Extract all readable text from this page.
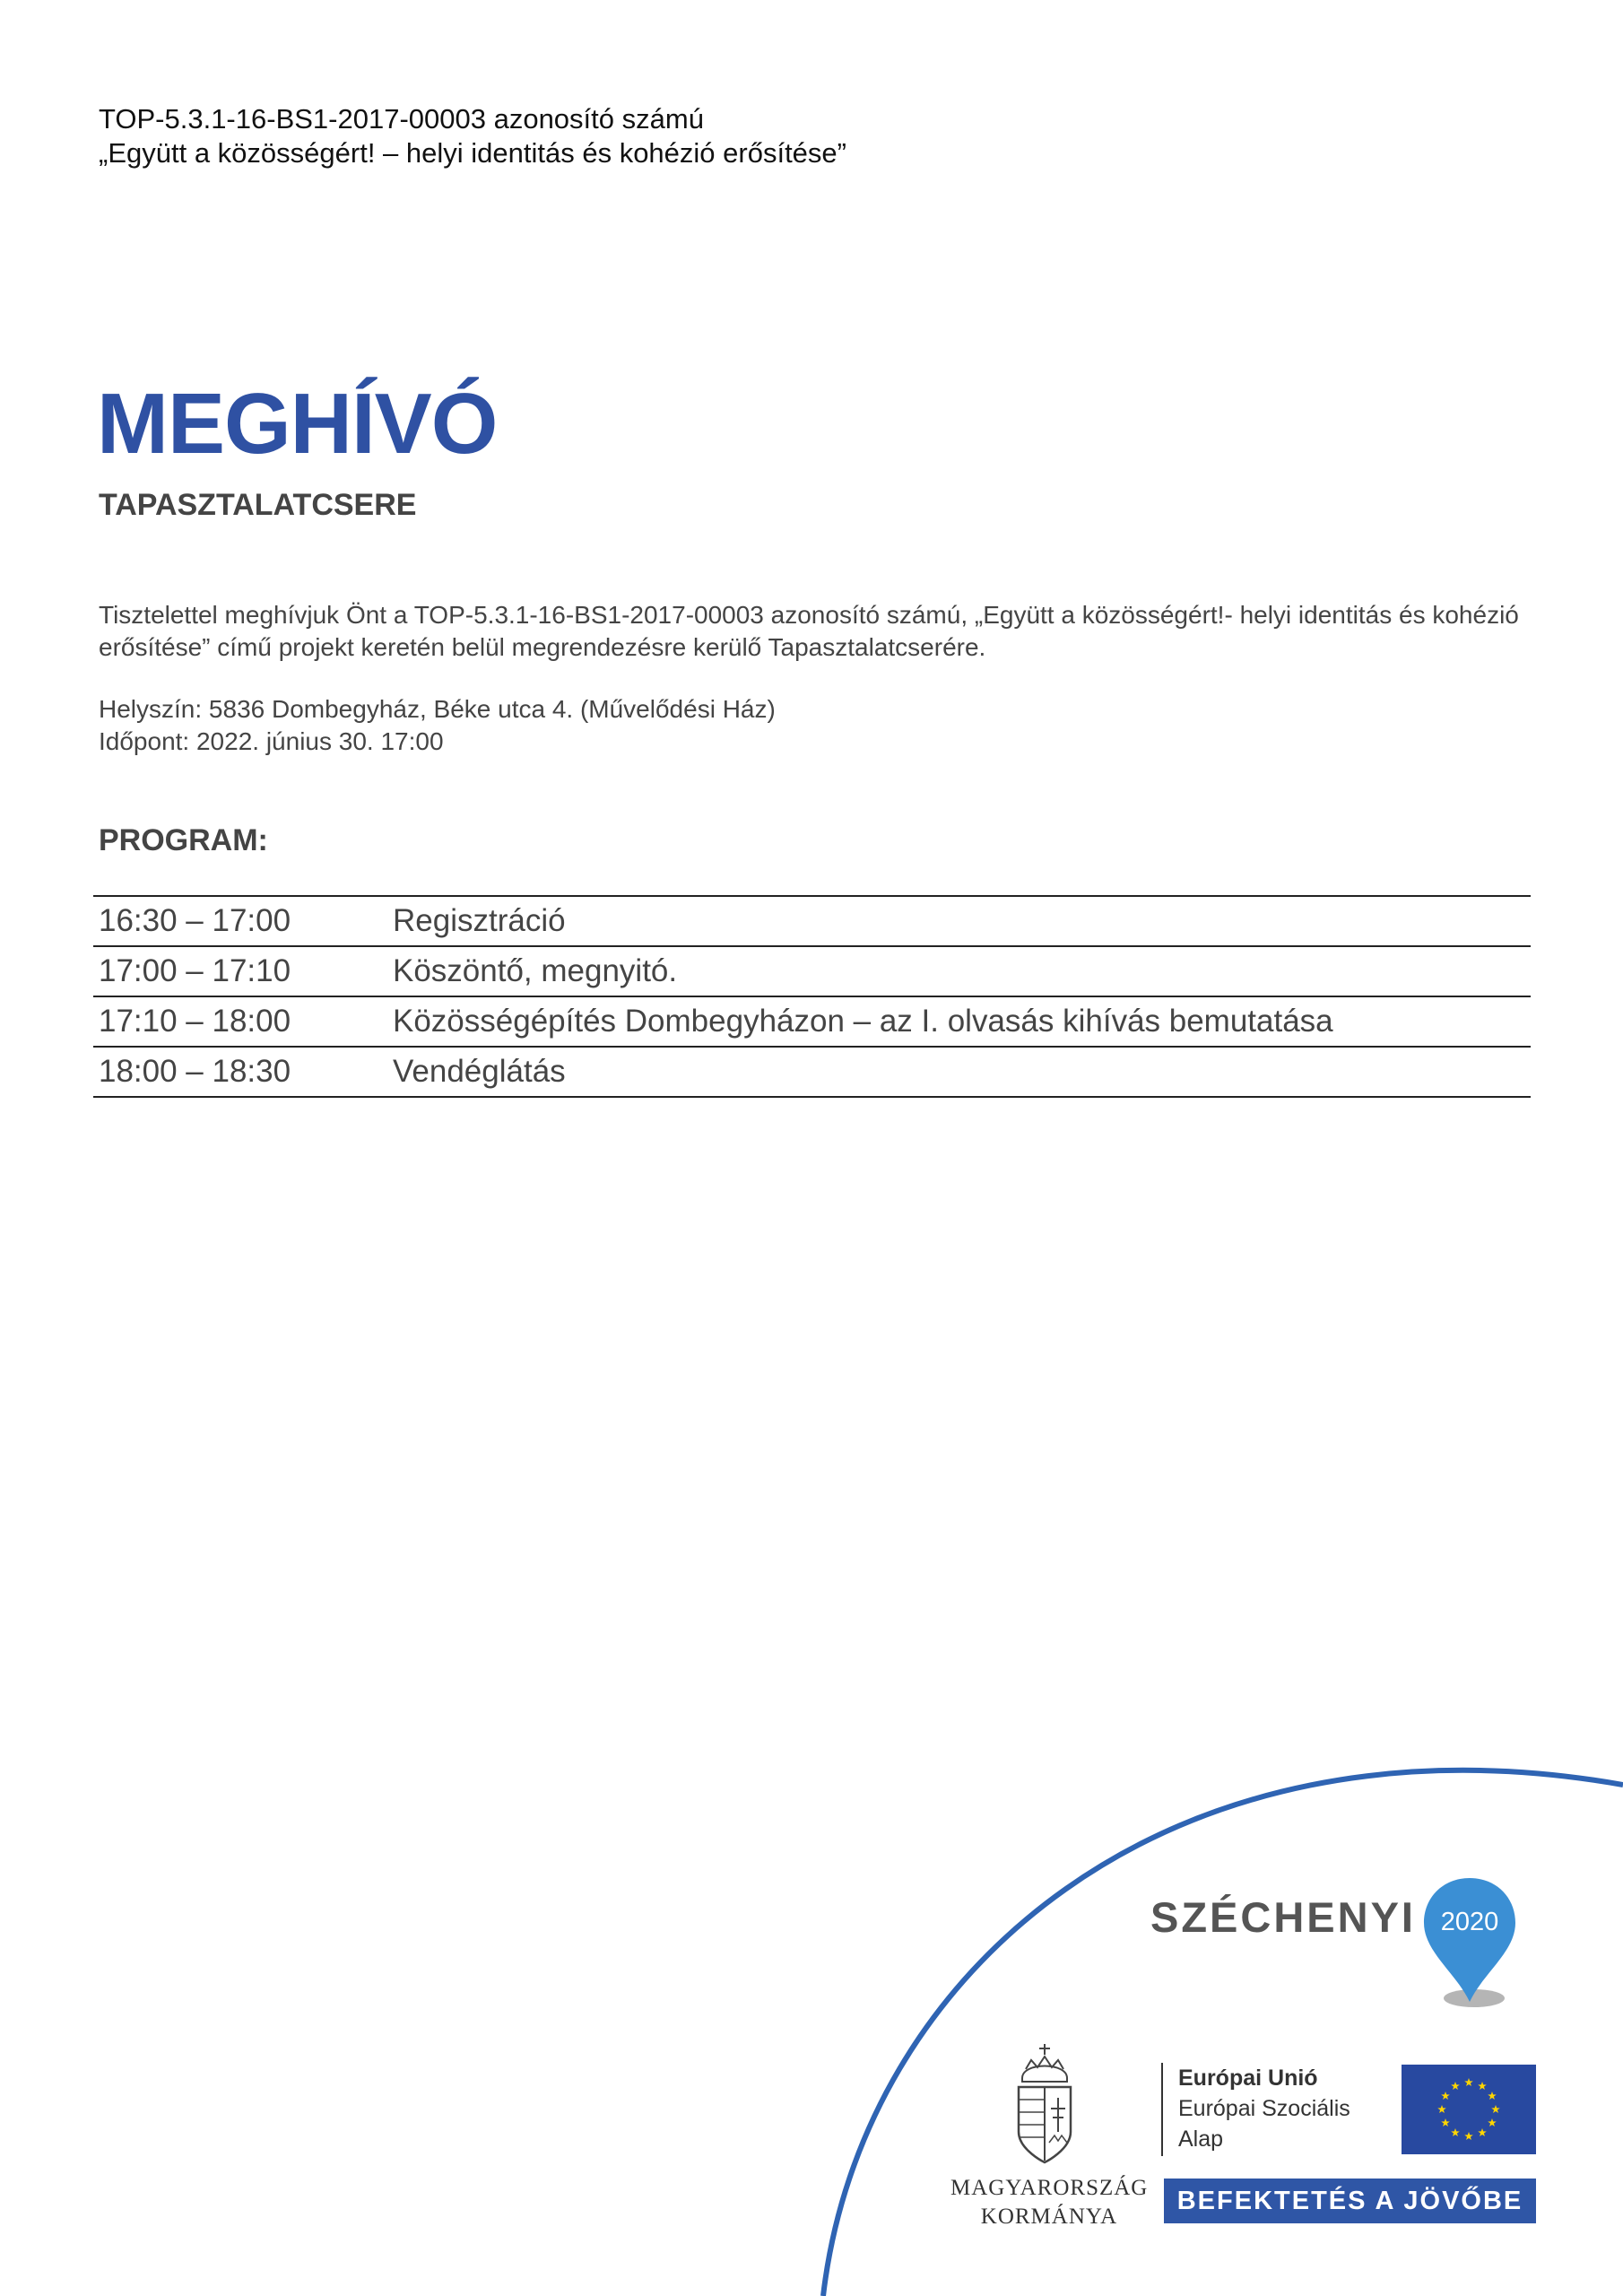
TOP-5.3.1-16-BS1-2017-00003 azonosító számú
„Együtt a közösségért! – helyi identitás és kohézió erősítése”
MEGHÍVÓ
TAPASZTALATCSERE
Tisztelettel meghívjuk Önt a TOP-5.3.1-16-BS1-2017-00003 azonosító számú, „Együtt a közösségért!- helyi identitás és kohézió erősítése” című projekt keretén belül megrendezésre kerülő Tapasztalatcserére.
Helyszín: 5836 Dombegyház, Béke utca 4. (Művelődési Ház)
Időpont: 2022. június 30. 17:00
PROGRAM:
16:30 – 17:00	Regisztráció
17:00 – 17:10	Köszöntő, megnyitó.
17:10 – 18:00	Közösségépítés Dombegyházon – az I. olvasás kihívás bemutatása
18:00 – 18:30	Vendéglátás
SZÉCHENYI 2020
MAGYARORSZÁG
KORMÁNYA
Európai Unió
Európai Szociális
Alap
BEFEKTETÉS A JÖVŐBE
